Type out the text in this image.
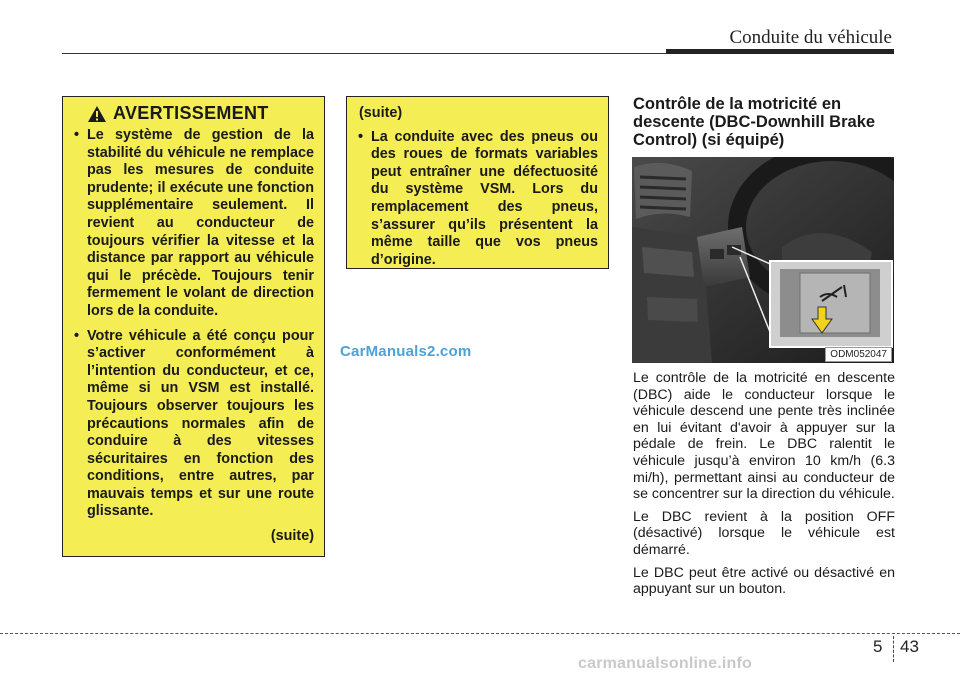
Conduite du véhicule
AVERTISSEMENT
• Le système de gestion de la stabilité du véhicule ne remplace pas les mesures de conduite prudente; il exécute une fonction supplémentaire seulement. Il revient au conducteur de toujours vérifier la vitesse et la distance par rapport au véhicule qui le précède. Toujours tenir fermement le volant de direction lors de la conduite.
• Votre véhicule a été conçu pour s’activer conformément à l’intention du conducteur, et ce, même si un VSM est installé. Toujours observer toujours les précautions normales afin de conduire à des vitesses sécuritaires en fonction des conditions, entre autres, par mauvais temps et sur une route glissante.
(suite)
(suite)
• La conduite avec des pneus ou des roues de formats variables peut entraîner une défectuosité du système VSM. Lors du remplacement des pneus, s’assurer qu’ils présentent la même taille que vos pneus d’origine.
CarManuals2.com
Contrôle de la motricité en descente (DBC-Downhill Brake Control) (si équipé)
ODM052047

Le contrôle de la motricité en descente (DBC) aide le conducteur lorsque le véhicule descend une pente très inclinée en lui évitant d'avoir à appuyer sur la pédale de frein. Le DBC ralentit le véhicule jusqu’à environ 10 km/h (6.3 mi/h), permettant ainsi au conducteur de se concentrer sur la direction du véhicule.

Le DBC revient à la position OFF (désactivé) lorsque le véhicule est démarré.

Le DBC peut être activé ou désactivé en appuyant sur un bouton.

5 43
carmanualsonline.info
